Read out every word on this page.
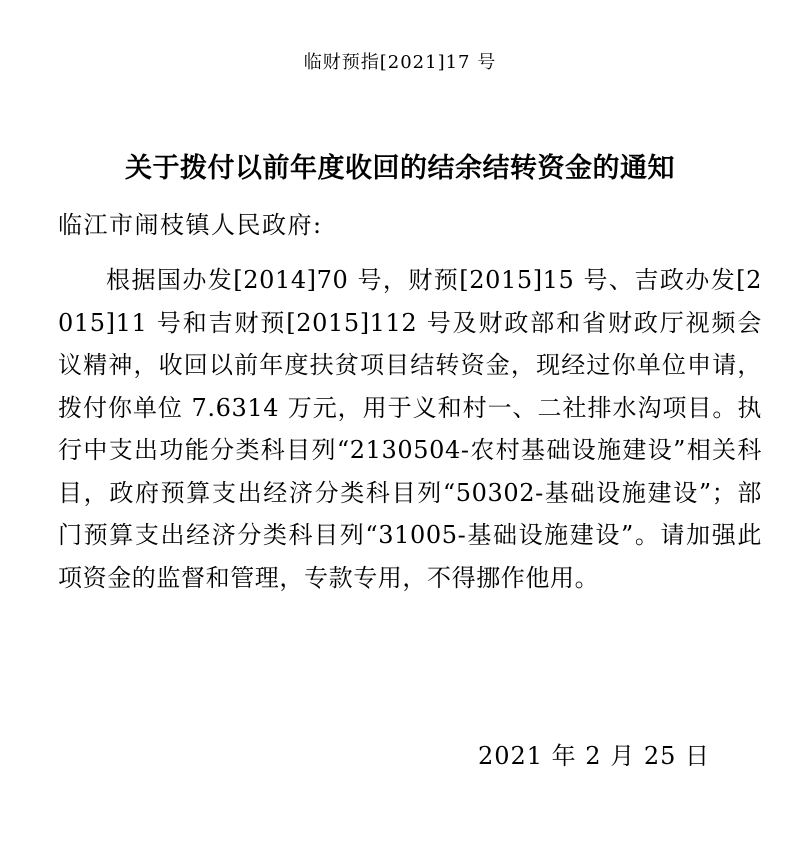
临财预指[2021]17 号
关于拨付以前年度收回的结余结转资金的通知
临江市闹枝镇人民政府:
根据国办发[2014]70 号，财预[2015]15 号、吉政办发[2015]11 号和吉财预[2015]112 号及财政部和省财政厅视频会议精神，收回以前年度扶贫项目结转资金，现经过你单位申请，拨付你单位 7.6314 万元，用于义和村一、二社排水沟项目。执行中支出功能分类科目列“2130504-农村基础设施建设”相关科目，政府预算支出经济分类科目列“50302-基础设施建设”；部门预算支出经济分类科目列“31005-基础设施建设”。请加强此项资金的监督和管理，专款专用，不得挪作他用。
2021 年 2 月 25 日
